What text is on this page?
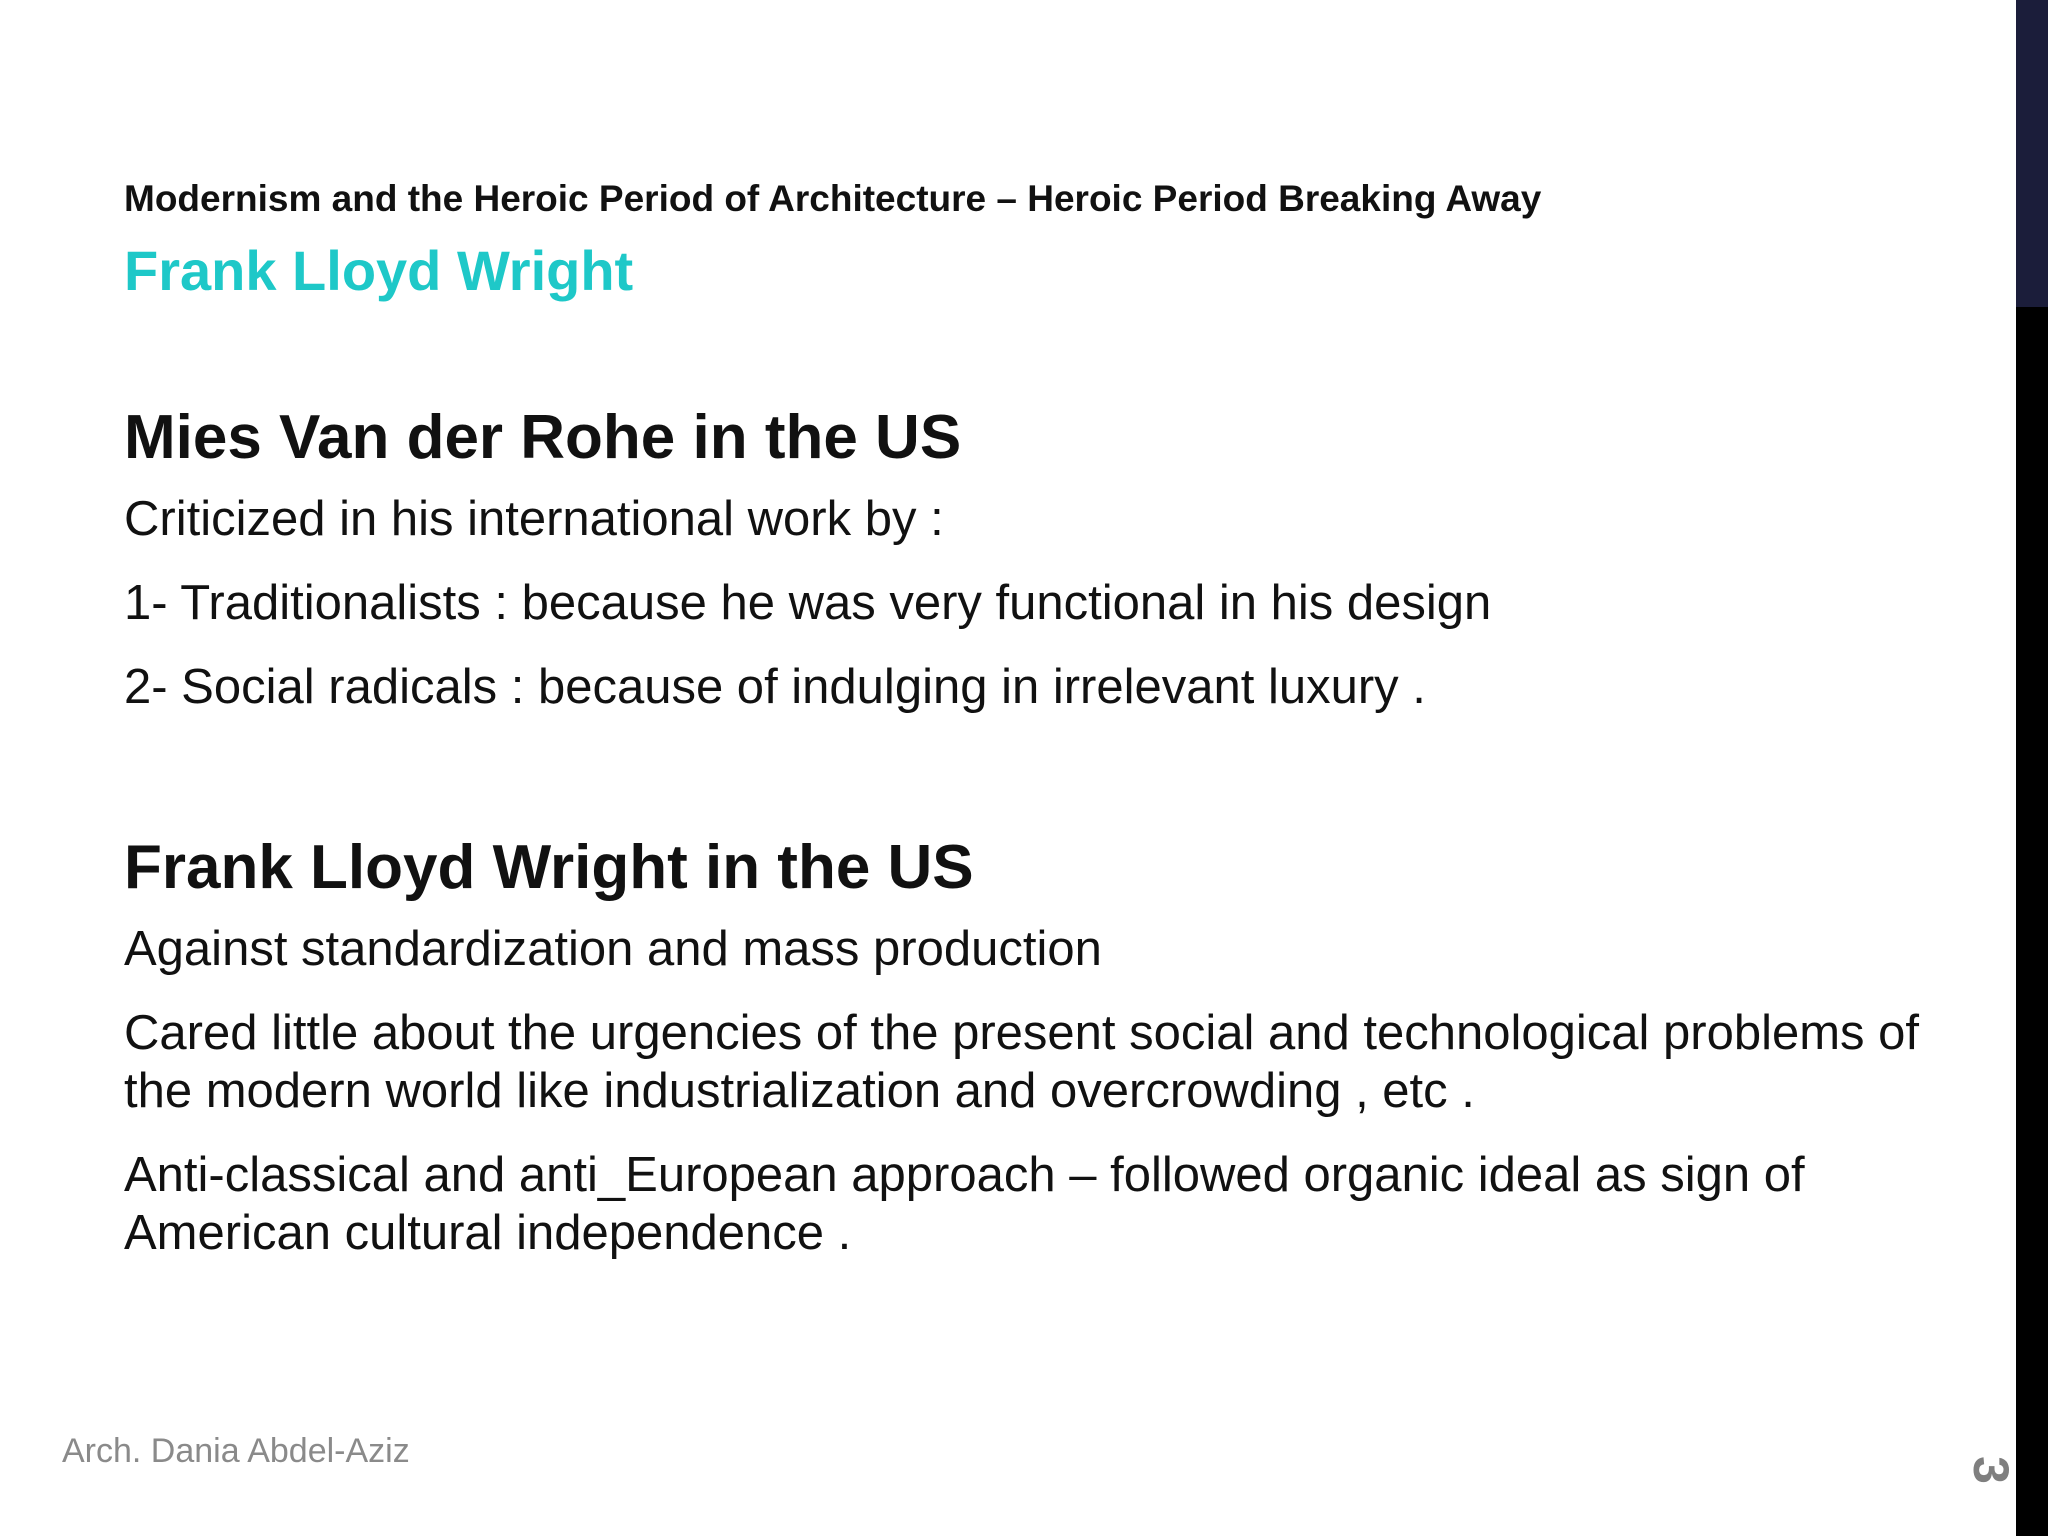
3
Modernism and the Heroic Period of Architecture – Heroic Period Breaking Away
Frank Lloyd Wright
Mies Van der Rohe in the US
Criticized in his international work by :
1- Traditionalists : because he was very functional in his design
2- Social radicals : because of indulging in irrelevant luxury .
Frank Lloyd Wright in the US
Against standardization and mass production
Cared little about the urgencies of the present social and technological problems of the modern world like industrialization and overcrowding , etc .
Anti-classical and anti_European approach – followed organic ideal as sign of American cultural independence .
Arch. Dania Abdel-Aziz
